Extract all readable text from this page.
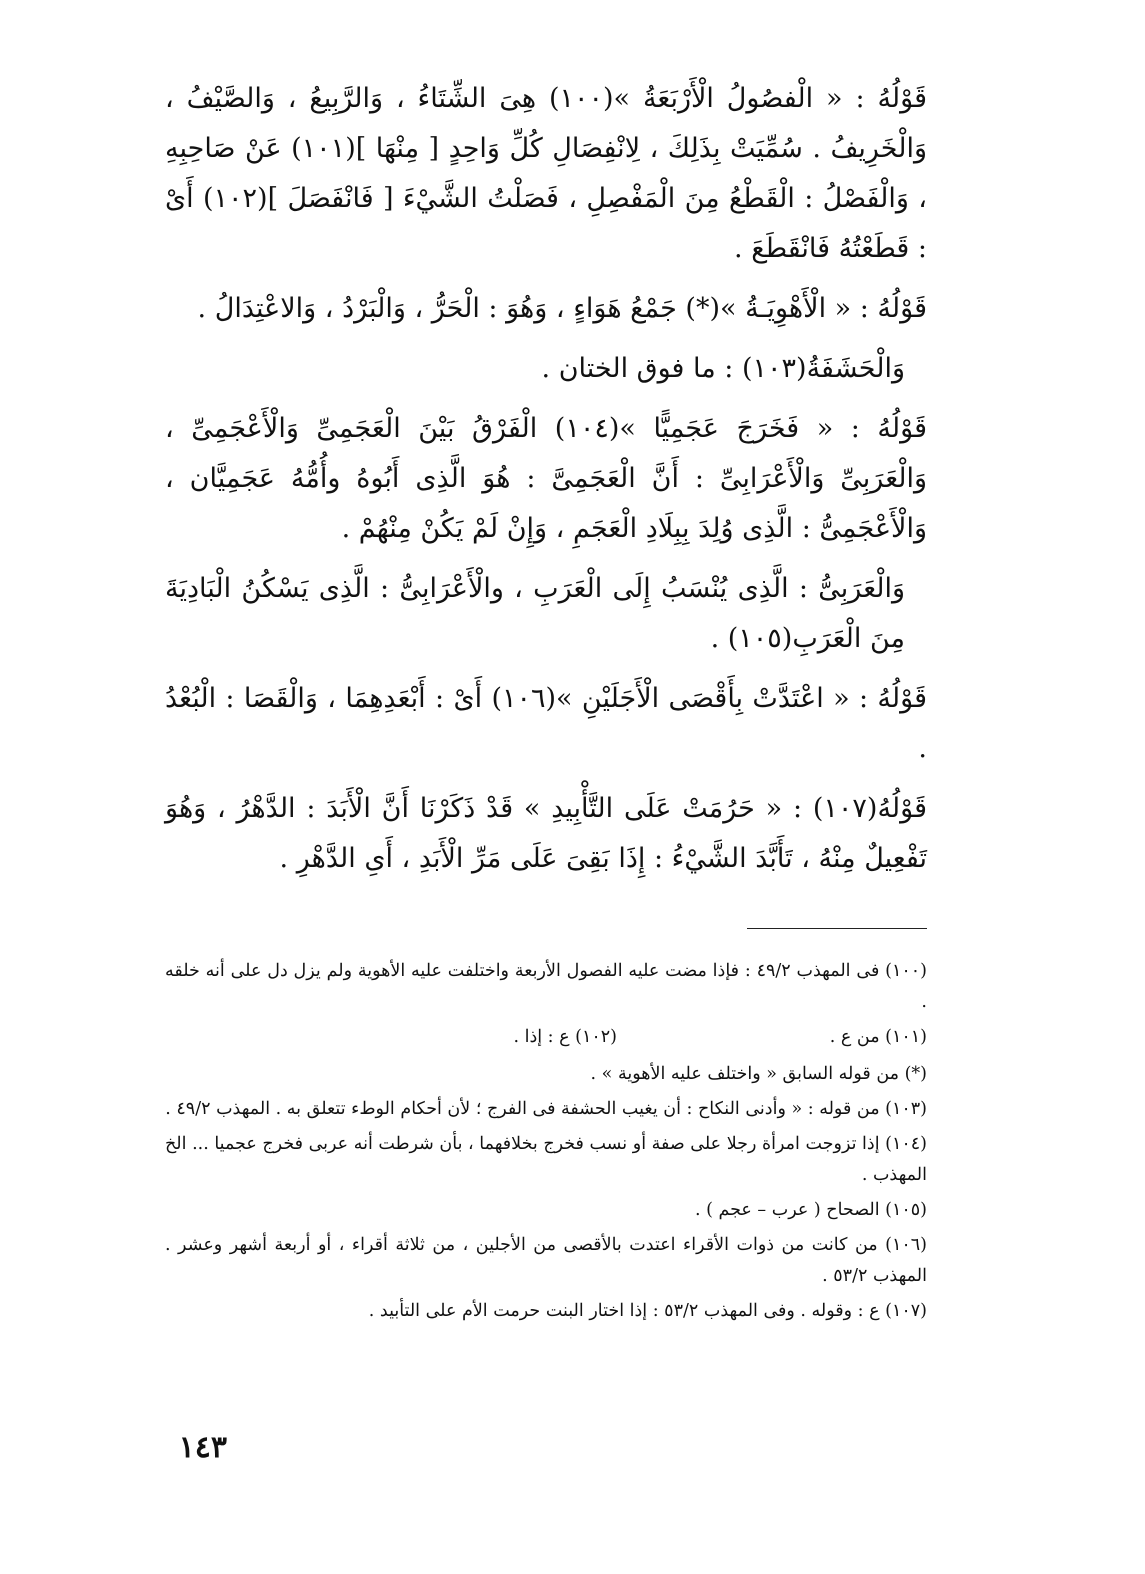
قَوْلُهُ : « الْفصُولُ الْأَرْبَعَةُ »(١٠٠) هِىَ الشِّتَاءُ ، وَالرَّبِيعُ ، وَالصَّيْفُ ، وَالْخَرِيفُ . سُمِّيَتْ بِذَلِكَ ، لِانْفِصَالِ كُلِّ وَاحِدٍ [ مِنْهَا ](١٠١) عَنْ صَاحِبِهِ ، وَالْفَصْلُ : الْقَطْعُ مِنَ الْمَفْصِلِ ، فَصَلْتُ الشَّيْءَ [ فَانْفَصَلَ ](١٠٢) أَىْ : قَطَعْتُهُ فَانْقَطَعَ .

قَوْلُهُ : « الْأَهْوِيَـةُ »(*) جَمْعُ هَوَاءٍ ، وَهُوَ : الْحَرُّ ، وَالْبَرْدُ ، وَالاعْتِدَالُ .

وَالْحَشَفَةُ(١٠٣) : ما فوق الختان .

قَوْلُهُ : « فَخَرَجَ عَجَمِيًّا »(١٠٤) الْفَرْقُ بَيْنَ الْعَجَمِىِّ وَالْأَعْجَمِىِّ ، وَالْعَرَبِىِّ وَالْأَعْرَابِىِّ : أَنَّ الْعَجَمِىَّ : هُوَ الَّذِى أَبُوهُ وأُمُّهُ عَجَمِيَّان ، وَالْأَعْجَمِىُّ : الَّذِى وُلِدَ بِبِلَادِ الْعَجَمِ ، وَإِنْ لَمْ يَكُنْ مِنْهُمْ .

وَالْعَرَبِىُّ : الَّذِى يُنْسَبُ إِلَى الْعَرَبِ ، والْأَعْرَابِىُّ : الَّذِى يَسْكُنُ الْبَادِيَةَ مِنَ الْعَرَبِ(١٠٥) .

قَوْلُهُ : « اعْتَدَّتْ بِأَقْصَى الْأَجَلَيْنِ »(١٠٦) أَىْ : أَبْعَدِهِمَا ، وَالْقَصَا : الْبُعْدُ .

قَوْلُهُ(١٠٧) : « حَرُمَتْ عَلَى التَّأْبِيدِ » قَدْ ذَكَرْنَا أَنَّ الْأَبَدَ : الدَّهْرُ ، وَهُوَ تَفْعِيلٌ مِنْهُ ، تَأَبَّدَ الشَّيْءُ : إِذَا بَقِىَ عَلَى مَرِّ الْأَبَدِ ، أَىِ الدَّهْرِ .

(١٠٠) فى المهذب ٤٩/٢ : فإذا مضت عليه الفصول الأربعة واختلفت عليه الأهوية ولم يزل دل على أنه خلقه .

(١٠١) من ع .
(١٠٢) ع : إذا .

(*) من قوله السابق « واختلف عليه الأهوية » .

(١٠٣) من قوله : « وأدنى النكاح : أن يغيب الحشفة فى الفرج ؛ لأن أحكام الوطء تتعلق به . المهذب ٤٩/٢ .

(١٠٤) إذا تزوجت امرأة رجلا على صفة أو نسب فخرج بخلافهما ، بأن شرطت أنه عربى فخرج عجميا ... الخ المهذب .

(١٠٥) الصحاح ( عرب – عجم ) .

(١٠٦) من كانت من ذوات الأقراء اعتدت بالأقصى من الأجلين ، من ثلاثة أقراء ، أو أربعة أشهر وعشر . المهذب ٥٣/٢ .

(١٠٧) ع : وقوله . وفى المهذب ٥٣/٢ : إذا اختار البنت حرمت الأم على التأبيد .

١٤٣
